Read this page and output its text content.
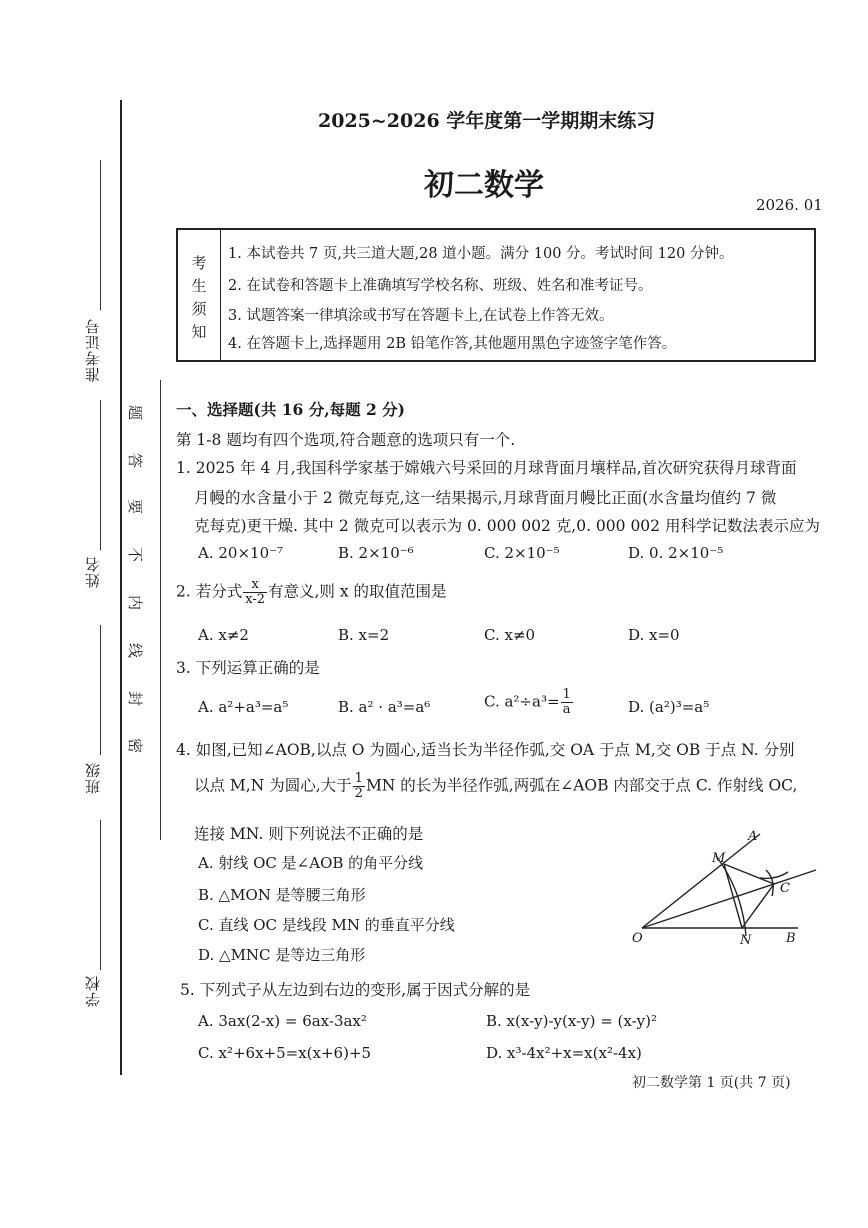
准考证号
姓名
班级
学校
密
封
线
内
不
要
答
题
2025~2026 学年度第一学期期末练习
初二数学
2026. 01
考生须知
1. 本试卷共 7 页,共三道大题,28 道小题。满分 100 分。考试时间 120 分钟。
2. 在试卷和答题卡上准确填写学校名称、班级、姓名和准考证号。
3. 试题答案一律填涂或书写在答题卡上,在试卷上作答无效。
4. 在答题卡上,选择题用 2B 铅笔作答,其他题用黑色字迹签字笔作答。
一、选择题(共 16 分,每题 2 分)
第 1-8 题均有四个选项,符合题意的选项只有一个.
1. 2025 年 4 月,我国科学家基于嫦娥六号采回的月球背面月壤样品,首次研究获得月球背面
月幔的水含量小于 2 微克每克,这一结果揭示,月球背面月幔比正面(水含量均值约 7 微
克每克)更干燥. 其中 2 微克可以表示为 0. 000 002 克,0. 000 002 用科学记数法表示应为
A. 20×10⁻⁷	B. 2×10⁻⁶	C. 2×10⁻⁵	D. 0. 2×10⁻⁵
2. 若分式 $\frac{x}{x-2}$ 有意义,则 x 的取值范围是
A. x≠2	B. x=2	C. x≠0	D. x=0
3. 下列运算正确的是
A. a²+a³=a⁵	B. a² · a³=a⁶	C. $a^2\div a^3= \frac{1}{a}$	D. (a²)³=a⁵
4. 如图,已知∠AOB,以点 O 为圆心,适当长为半径作弧,交 OA 于点 M,交 OB 于点 N. 分别
以点 M,N 为圆心,大于 $\frac{1}{2}$ MN 的长为半径作弧,两弧在∠AOB 内部交于点 C. 作射线 OC,
连接 MN. 则下列说法不正确的是
A. 射线 OC 是∠AOB 的角平分线
B. △MON 是等腰三角形
C. 直线 OC 是线段 MN 的垂直平分线
D. △MNC 是等边三角形
A
M
C
O	N	B
5. 下列式子从左边到右边的变形,属于因式分解的是
A. 3ax(2-x) = 6ax-3ax²	B. x(x-y)-y(x-y) = (x-y)²
C. x²+6x+5=x(x+6)+5	D. x³-4x²+x=x(x²-4x)
初二数学第 1 页(共 7 页)
